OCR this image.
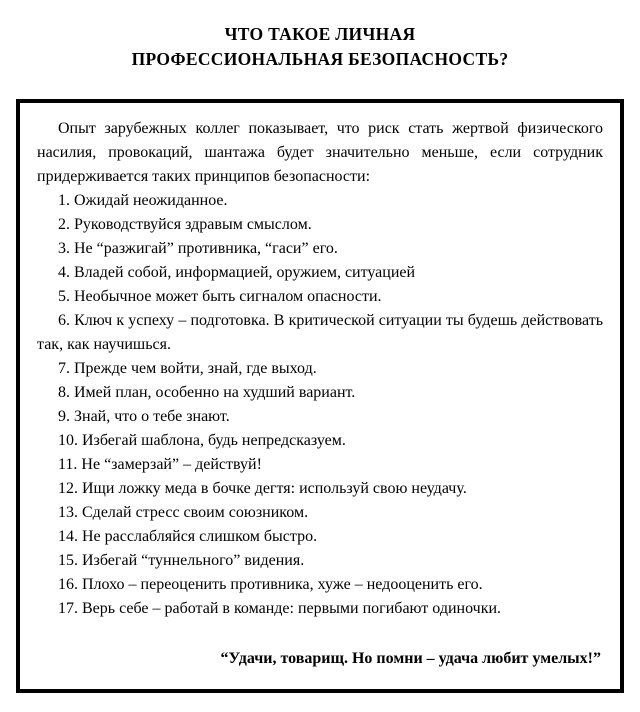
ЧТО ТАКОЕ ЛИЧНАЯ
ПРОФЕССИОНАЛЬНАЯ БЕЗОПАСНОСТЬ?

Опыт зарубежных коллег показывает, что риск стать жертвой физического насилия, провокаций, шантажа будет значительно меньше, если сотрудник придерживается таких принципов безопасности:

1. Ожидай неожиданное.

2. Руководствуйся здравым смыслом.

3. Не “разжигай” противника, “гаси” его.

4. Владей собой, информацией, оружием, ситуацией

5. Необычное может быть сигналом опасности.

6. Ключ к успеху – подготовка. В критической ситуации ты будешь действовать так, как научишься.

7. Прежде чем войти, знай, где выход.

8. Имей план, особенно на худший вариант.

9. Знай, что о тебе знают.

10. Избегай шаблона, будь непредсказуем.

11. Не “замерзай” – действуй!

12. Ищи ложку меда в бочке дегтя: используй свою неудачу.

13. Сделай стресс своим союзником.

14. Не расслабляйся слишком быстро.

15. Избегай “туннельного” видения.

16. Плохо – переоценить противника, хуже – недооценить его.

17. Верь себе – работай в команде: первыми погибают одиночки.

“Удачи, товарищ. Но помни – удача любит умелых!”
